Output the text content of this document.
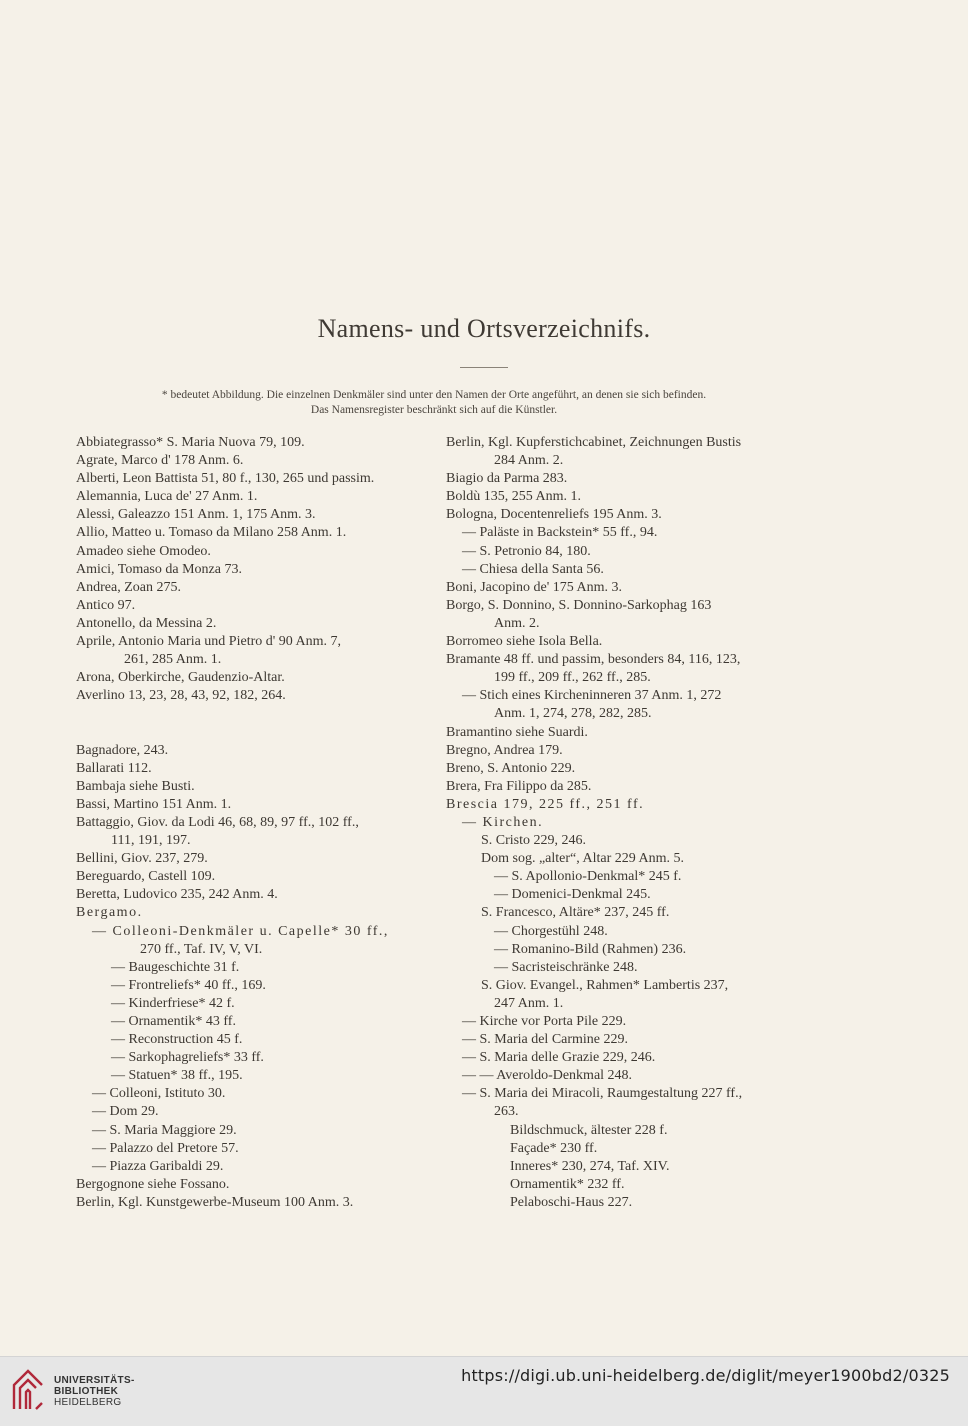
Namens- und Ortsverzeichnifs.
* bedeutet Abbildung. Die einzelnen Denkmäler sind unter den Namen der Orte angeführt, an denen sie sich befinden.
Das Namensregister beschränkt sich auf die Künstler.
Abbiategrasso* S. Maria Nuova 79, 109.
Agrate, Marco d' 178 Anm. 6.
Alberti, Leon Battista 51, 80 f., 130, 265 und passim.
Alemannia, Luca de' 27 Anm. 1.
Alessi, Galeazzo 151 Anm. 1, 175 Anm. 3.
Allio, Matteo u. Tomaso da Milano 258 Anm. 1.
Amadeo siehe Omodeo.
Amici, Tomaso da Monza 73.
Andrea, Zoan 275.
Antico 97.
Antonello, da Messina 2.
Aprile, Antonio Maria und Pietro d' 90 Anm. 7,
261, 285 Anm. 1.
Arona, Oberkirche, Gaudenzio-Altar.
Averlino 13, 23, 28, 43, 92, 182, 264.
Bagnadore, 243.
Ballarati 112.
Bambaja siehe Busti.
Bassi, Martino 151 Anm. 1.
Battaggio, Giov. da Lodi 46, 68, 89, 97 ff., 102 ff.,
111, 191, 197.
Bellini, Giov. 237, 279.
Bereguardo, Castell 109.
Beretta, Ludovico 235, 242 Anm. 4.
Bergamo.
— Colleoni-Denkmäler u. Capelle* 30 ff.,
270 ff., Taf. IV, V, VI.
— Baugeschichte 31 f.
— Frontreliefs* 40 ff., 169.
— Kinderfriese* 42 f.
— Ornamentik* 43 ff.
— Reconstruction 45 f.
— Sarkophagreliefs* 33 ff.
— Statuen* 38 ff., 195.
— Colleoni, Istituto 30.
— Dom 29.
— S. Maria Maggiore 29.
— Palazzo del Pretore 57.
— Piazza Garibaldi 29.
Bergognone siehe Fossano.
Berlin, Kgl. Kunstgewerbe-Museum 100 Anm. 3.
Berlin, Kgl. Kupferstichcabinet, Zeichnungen Bustis
284 Anm. 2.
Biagio da Parma 283.
Boldù 135, 255 Anm. 1.
Bologna, Docentenreliefs 195 Anm. 3.
— Paläste in Backstein* 55 ff., 94.
— S. Petronio 84, 180.
— Chiesa della Santa 56.
Boni, Jacopino de' 175 Anm. 3.
Borgo, S. Donnino, S. Donnino-Sarkophag 163
Anm. 2.
Borromeo siehe Isola Bella.
Bramante 48 ff. und passim, besonders 84, 116, 123,
199 ff., 209 ff., 262 ff., 285.
— Stich eines Kircheninneren 37 Anm. 1, 272
Anm. 1, 274, 278, 282, 285.
Bramantino siehe Suardi.
Bregno, Andrea 179.
Breno, S. Antonio 229.
Brera, Fra Filippo da 285.
Brescia 179, 225 ff., 251 ff.
— Kirchen.
S. Cristo 229, 246.
Dom sog. „alter“, Altar 229 Anm. 5.
— S. Apollonio-Denkmal* 245 f.
— Domenici-Denkmal 245.
S. Francesco, Altäre* 237, 245 ff.
— Chorgestühl 248.
— Romanino-Bild (Rahmen) 236.
— Sacristeischränke 248.
S. Giov. Evangel., Rahmen* Lambertis 237,
247 Anm. 1.
— Kirche vor Porta Pile 229.
— S. Maria del Carmine 229.
— S. Maria delle Grazie 229, 246.
— — Averoldo-Denkmal 248.
— S. Maria dei Miracoli, Raumgestaltung 227 ff.,
263.
Bildschmuck, ältester 228 f.
Façade* 230 ff.
Inneres* 230, 274, Taf. XIV.
Ornamentik* 232 ff.
Pelaboschi-Haus 227.
UNIVERSITÄTS-
BIBLIOTHEK
HEIDELBERG
https://digi.ub.uni-heidelberg.de/diglit/meyer1900bd2/0325
